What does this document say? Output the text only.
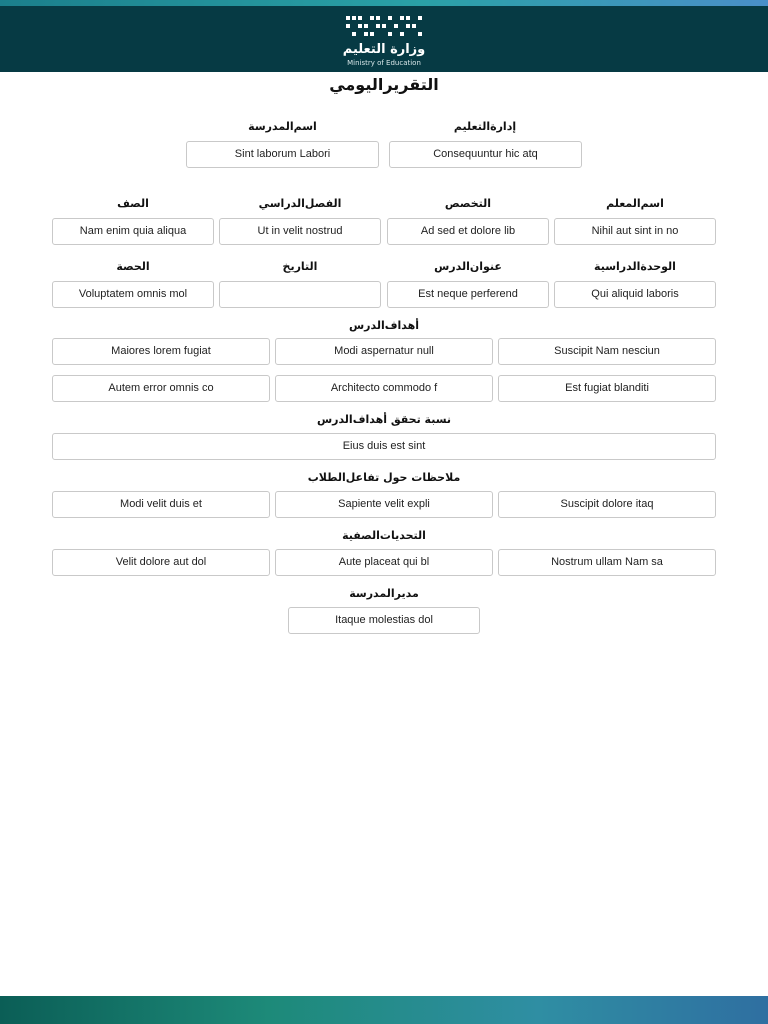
وزارة التعليم
Ministry of Education
التقريراليومي
إدارةالتعليم
Consequuntur hic atq
اسم‌المدرسة
Sint laborum Labori
اسم‌المعلم
Nihil aut sint in no
التخصص
Ad sed et dolore lib
الفصل‌الدراسي
Ut in velit nostrud
الصف
Nam enim quia aliqua
الوحدةالدراسية
Qui aliquid laboris
عنوان‌الدرس
Est neque perferend
التاريخ
الحصة
Voluptatem omnis mol
أهداف‌الدرس
Suscipit Nam nesciun
Modi aspernatur null
Maiores lorem fugiat
Est fugiat blanditi
Architecto commodo f
Autem error omnis co
نسبة تحقق أهداف‌الدرس
Eius duis est sint
ملاحظات حول تفاعل‌الطلاب
Suscipit dolore itaq
Sapiente velit expli
Modi velit duis et
التحديات‌الصفية
Nostrum ullam Nam sa
Aute placeat qui bl
Velit dolore aut dol
مدير‌المدرسة
Itaque molestias dol
